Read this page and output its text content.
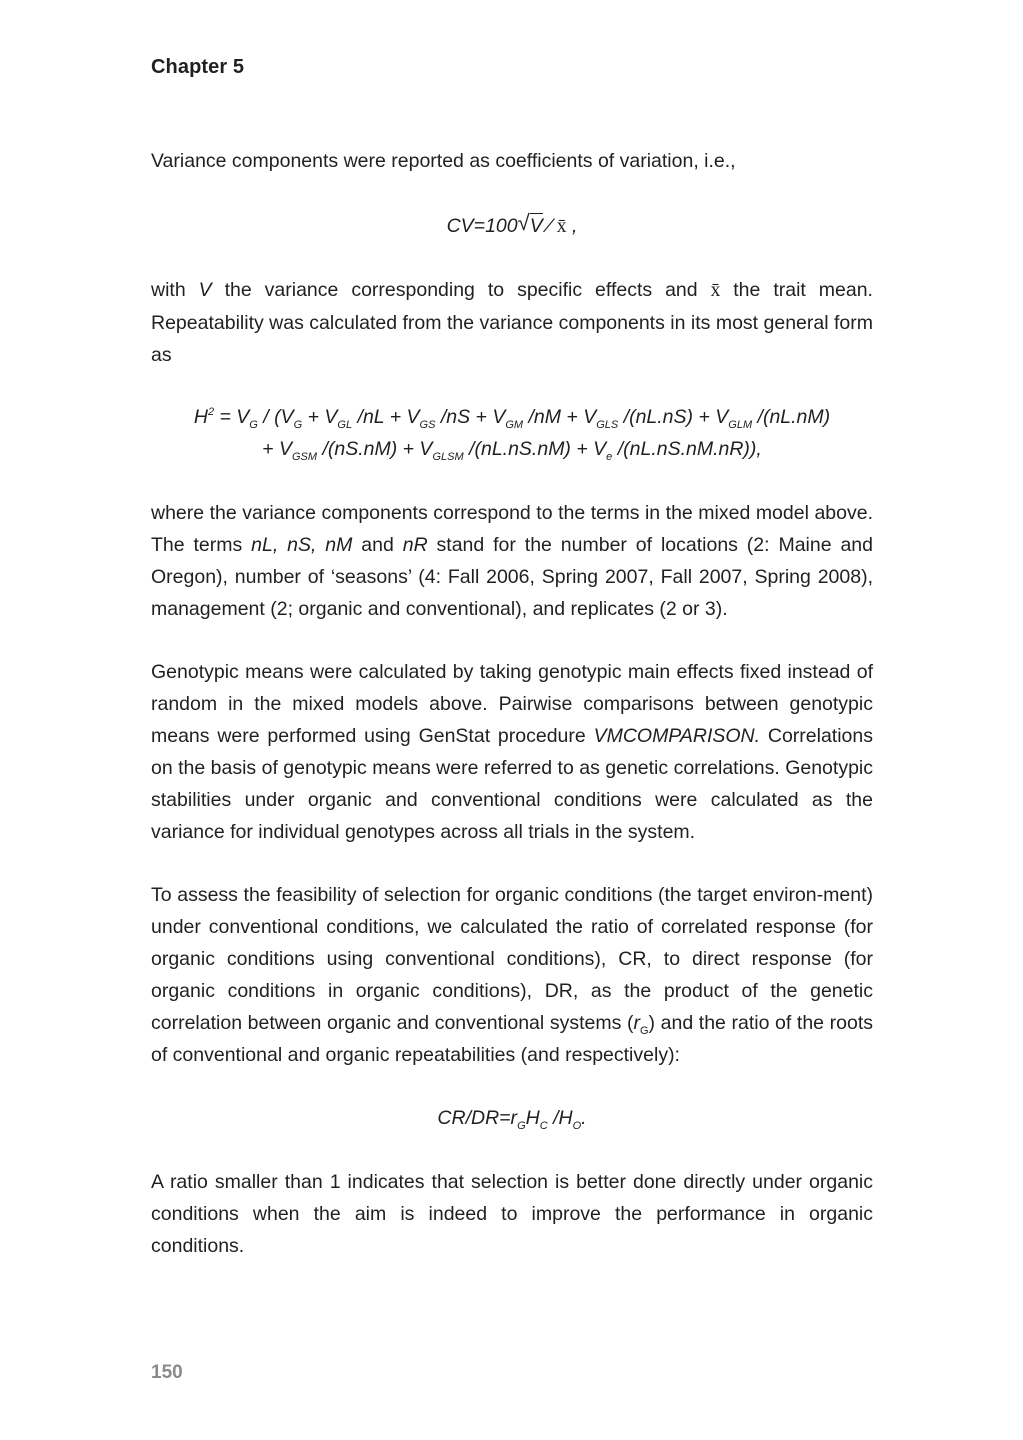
Chapter 5
Variance components were reported as coefficients of variation, i.e.,
CV=100√V ⁄ x̄ ,
with V the variance corresponding to specific effects and x̄ the trait mean. Repeatability was calculated from the variance components in its most general form as
$H^2 = V_G / (V_G + V_{GL}$ $/nL + V_{GS}$ $/nS + V_{GM}$ $/nM + V_{GLS}$ $/(nL.nS) + V_{GLM}$ /(nL.nM)
+ $V_{GSM}$ $/(nS.nM) + V_{GLSM}$ $/(nL.nS.nM) + V_e$ /(nL.nS.nM.nR)),
where the variance components correspond to the terms in the mixed model above. The terms nL, nS, nM and nR stand for the number of locations (2: Maine and Oregon), number of ‘seasons’ (4: Fall 2006, Spring 2007, Fall 2007, Spring 2008), management (2; organic and conventional), and replicates (2 or 3).
Genotypic means were calculated by taking genotypic main effects fixed instead of random in the mixed models above. Pairwise comparisons between genotypic means were performed using GenStat procedure VMCOMPARISON. Correlations on the basis of genotypic means were referred to as genetic correlations. Genotypic stabilities under organic and conventional conditions were calculated as the variance for individual genotypes across all trials in the system.
To assess the feasibility of selection for organic conditions (the target environ-ment) under conventional conditions, we calculated the ratio of correlated response (for organic conditions using conventional conditions), CR, to direct response (for organic conditions in organic conditions), DR, as the product of the genetic correlation between organic and conventional systems $(r_G)$ and the ratio of the roots of conventional and organic repeatabilities (and respectively):
$CR/DR=r_GH_C$ $/H_O$.
A ratio smaller than 1 indicates that selection is better done directly under organic conditions when the aim is indeed to improve the performance in organic conditions.
150
